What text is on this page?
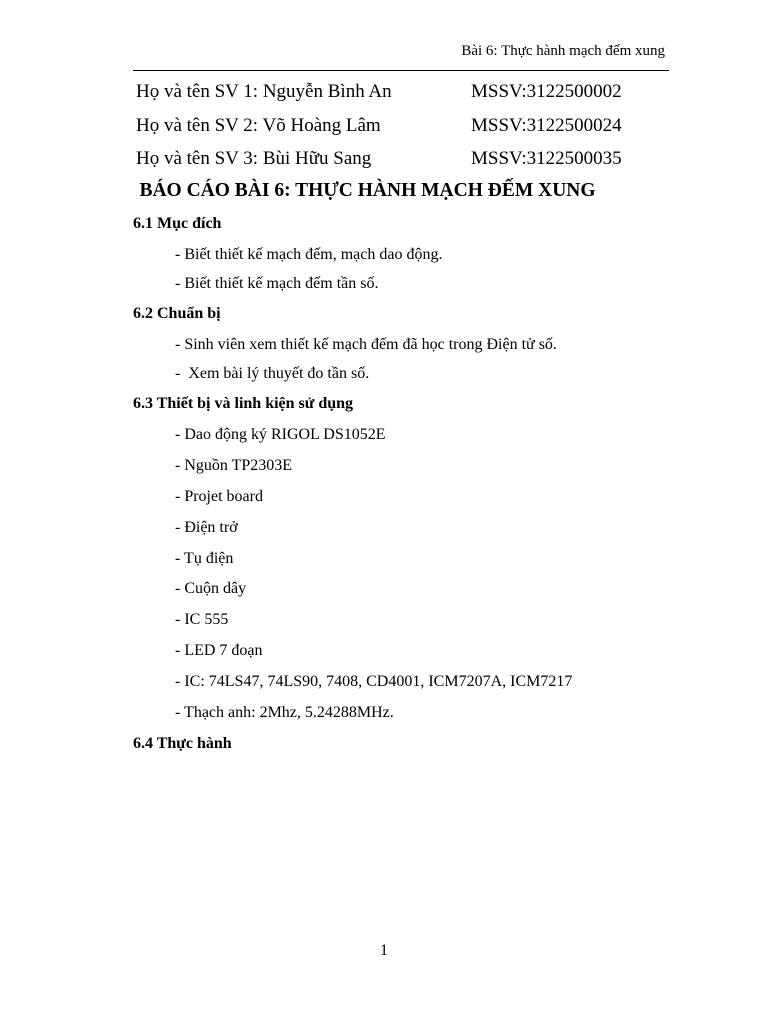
Bài 6: Thực hành mạch đếm xung
Họ và tên SV 1: Nguyễn Bình An	MSSV:3122500002
Họ và tên SV 2: Võ Hoàng Lâm	MSSV:3122500024
Họ và tên SV 3: Bùi Hữu Sang	MSSV:3122500035
BÁO CÁO BÀI 6: THỰC HÀNH MẠCH ĐẾM XUNG
6.1 Mục đích
- Biết thiết kế mạch đếm, mạch dao động.
- Biết thiết kế mạch đếm tần số.
6.2 Chuẩn bị
- Sinh viên xem thiết kế mạch đếm đã học trong Điện tử số.
-  Xem bài lý thuyết đo tần số.
6.3 Thiết bị và linh kiện sử dụng
- Dao động ký RIGOL DS1052E
- Nguồn TP2303E
- Projet board
- Điện trở
- Tụ điện
- Cuộn dây
- IC 555
- LED 7 đoạn
- IC: 74LS47, 74LS90, 7408, CD4001, ICM7207A, ICM7217
- Thạch anh: 2Mhz, 5.24288MHz.
6.4 Thực hành
1
